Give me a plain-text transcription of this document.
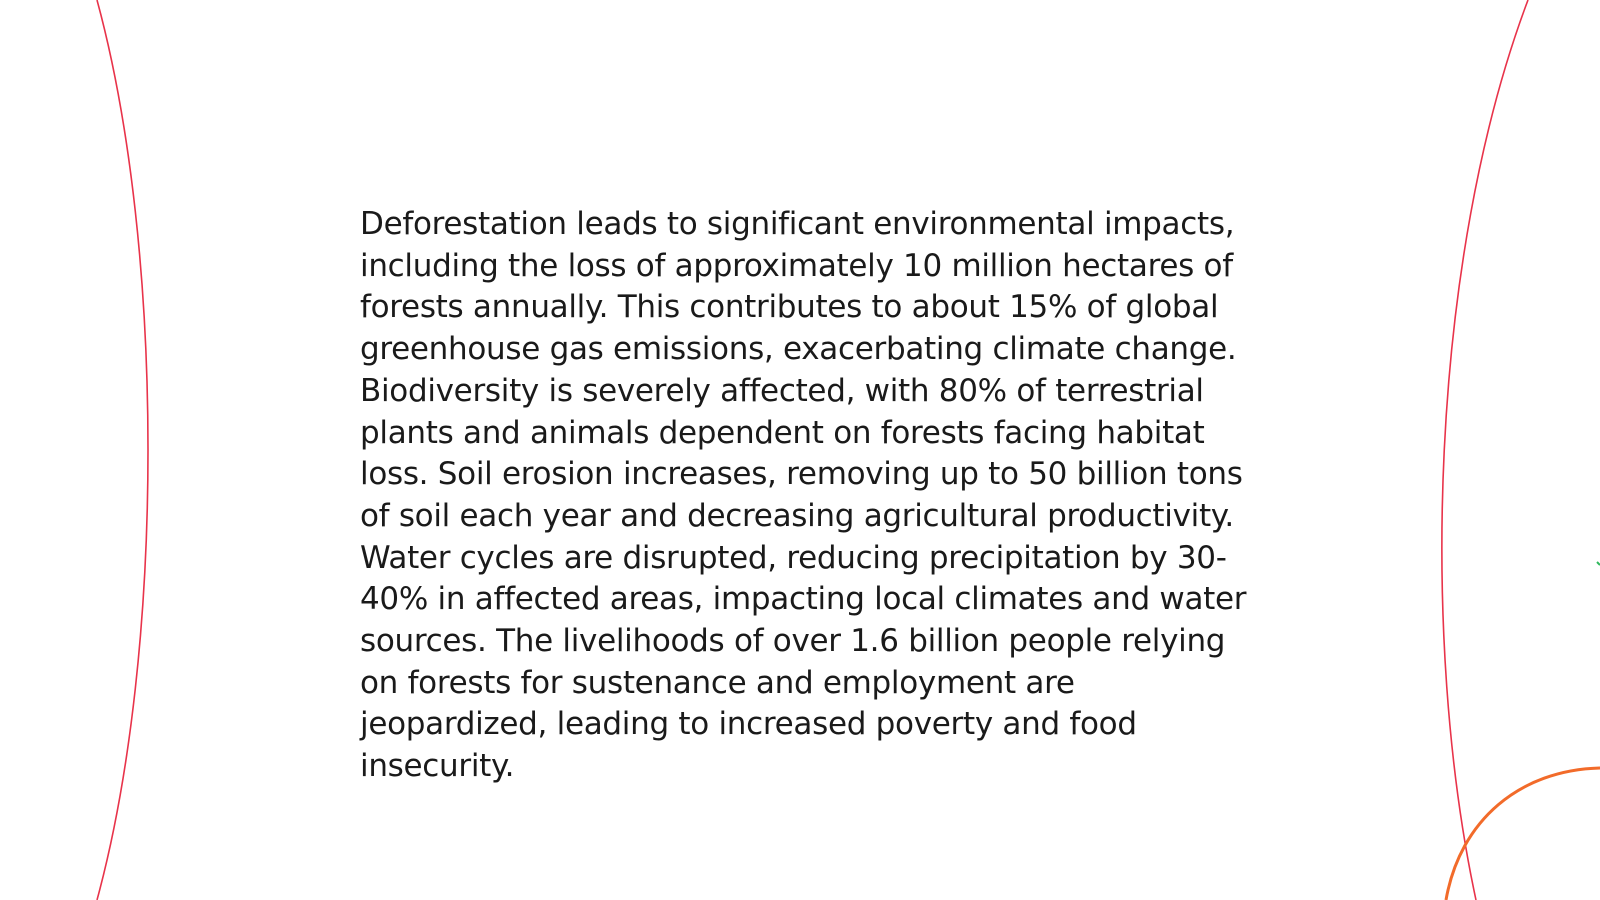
Deforestation leads to significant environmental impacts, including the loss of approximately 10 million hectares of forests annually. This contributes to about 15% of global greenhouse gas emissions, exacerbating climate change. Biodiversity is severely affected, with 80% of terrestrial plants and animals dependent on forests facing habitat loss. Soil erosion increases, removing up to 50 billion tons of soil each year and decreasing agricultural productivity. Water cycles are disrupted, reducing precipitation by 30-40% in affected areas, impacting local climates and water sources. The livelihoods of over 1.6 billion people relying on forests for sustenance and employment are jeopardized, leading to increased poverty and food insecurity.
